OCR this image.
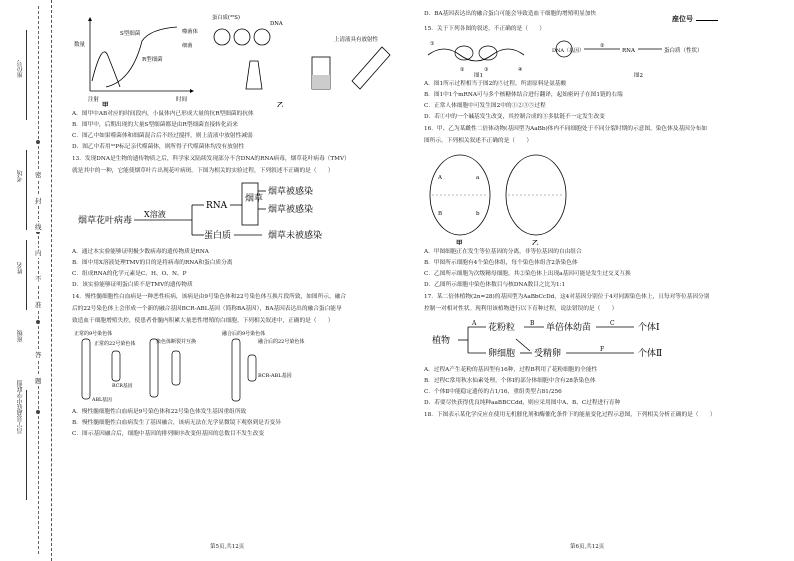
座位号
考场
姓名
班级
昌宁县勐底中学联盟
密
封
线
内
不
准
答
题
座位号
S型细菌
R型细菌
数量
时间
注射
甲
蛋白质(³⁵S)
DNA
噬菌体
细菌
上清液具有放射性
乙
A．图甲中AB对应的时间段内，小鼠体内已形成大量的抗R型细菌的抗体
B．图甲中，后期出现的大量S型细菌都是由R型细菌直接转化而来
C．图乙中如果噬菌体和细菌混合后不经过搅拌，则上清液中放射性减弱
D．图乙中若用³²P标记亲代噬菌体，则所得子代噬菌体均没有放射性
13．发现DNA是生物的遗传物质之后，科学家又陆续发现部分不含DNA的RNA病毒，烟草花叶病毒（TMV）
就是其中的一种，它能使烟草叶片出现花叶病斑。下图为相关的实验过程，下列叙述不正确的是（　　）
烟草花叶病毒
X溶液
RNA
蛋白质
烟草
烟草被感染
烟草被感染
烟草未被感染
A．通过本实验能够证明极少数病毒的遗传物质是RNA
B．图中用X溶液处理TMV的目的是将病毒的RNA和蛋白质分离
C．组成RNA的化学元素是C、H、O、N、P
D．该实验能够证明蛋白质不是TMV的遗传物质
14．慢性髓细胞性白血病是一种恶性疾病，该病是由9号染色体和22号染色体互换片段所致，如图所示，融合
后的22号染色体上会形成一个新的融合基因BCR-ABL基因（简称BA基因），BA基因表达出的融合蛋白能导
致造血干细胞增殖失控，使患者骨髓内积累大量恶性增殖的白细胞。下列相关叙述中，正确的是（　　）
正常的9号染色体
正常的22号染色体
BCR基因
ABL基因
染色体断裂并互换
融合后的9号染色体
融合后的22号染色体
BCR-ABL基因
A．慢性髓细胞性白血病是9号染色体和22号染色体发生基因重组所致
B．慢性髓细胞性白血病发生了基因融合，该病无法在光学显微镜下观察到是否变异
C．图示基因融合后，细胞中基因的排列顺序改变但基因的总数目不发生改变
D．BA基因表达出的融合蛋白可能会导致造血干细胞的增殖明显加快
15．关于下列各图的叙述，不正确的是（　　）
①
②	③	④
图1
DNA（基因）
②
RNA	蛋白质（性状）
图2
A．图1所示过程相当于图2的⑤过程，所需原料是氨基酸
B．图1中1个mRNA可与多个核糖体结合进行翻译，起始密码子在图1链的右端
C．正常人体细胞中可发生图2中的①②③⑤过程
D．若①中的一个碱基发生改变，其控制合成的③多肽链不一定发生改变
16．甲、乙为某雌性二倍体动物(基因型为AaBb)体内不同细胞处于不同分裂时期的示意图，染色体及基因分布如
图所示。下列相关叙述不正确的是（　　）
A	a
B	b
甲	乙
A．甲图细胞正在发生等位基因的分离，非等位基因的自由组合
B．甲图所示细胞有4个染色体组，每个染色体组含2条染色体
C．乙图所示细胞为次级精母细胞，其②染色体上出现a基因可能是发生过交叉互换
D．乙图所示细胞中染色体数目与核DNA数目之比为1:1
17．某二倍体植物(2n=28)的基因型为AaBbCcDd，这4对基因分别位于4对同源染色体上，且每对等位基因分别
控制一对相对性状。现利用该植物进行以下育种过程，说法错误的是（　　）
植物
A 花粉粒
卵细胞
B 单倍体幼苗	C	个体Ⅰ
受精卵	F	个体Ⅱ
A．过程A产生花粉的基因型有16种，过程B利用了花粉细胞的全能性
B．过程C常用秋水仙素处理，个体Ⅰ的部分体细胞中含有28条染色体
C．个体Ⅱ中能稳定遗传的占1/16，重组类型占81/256
D．若要尽快获得优良纯种aaBBCCdd，则应采用图中A、B、C过程进行育种
18．下图表示某化学反应在使用无机催化剂和酶催化条件下的能量变化过程示意图，下列相关分析正确的是（　　）
第5页,共12页	第6页,共12页
